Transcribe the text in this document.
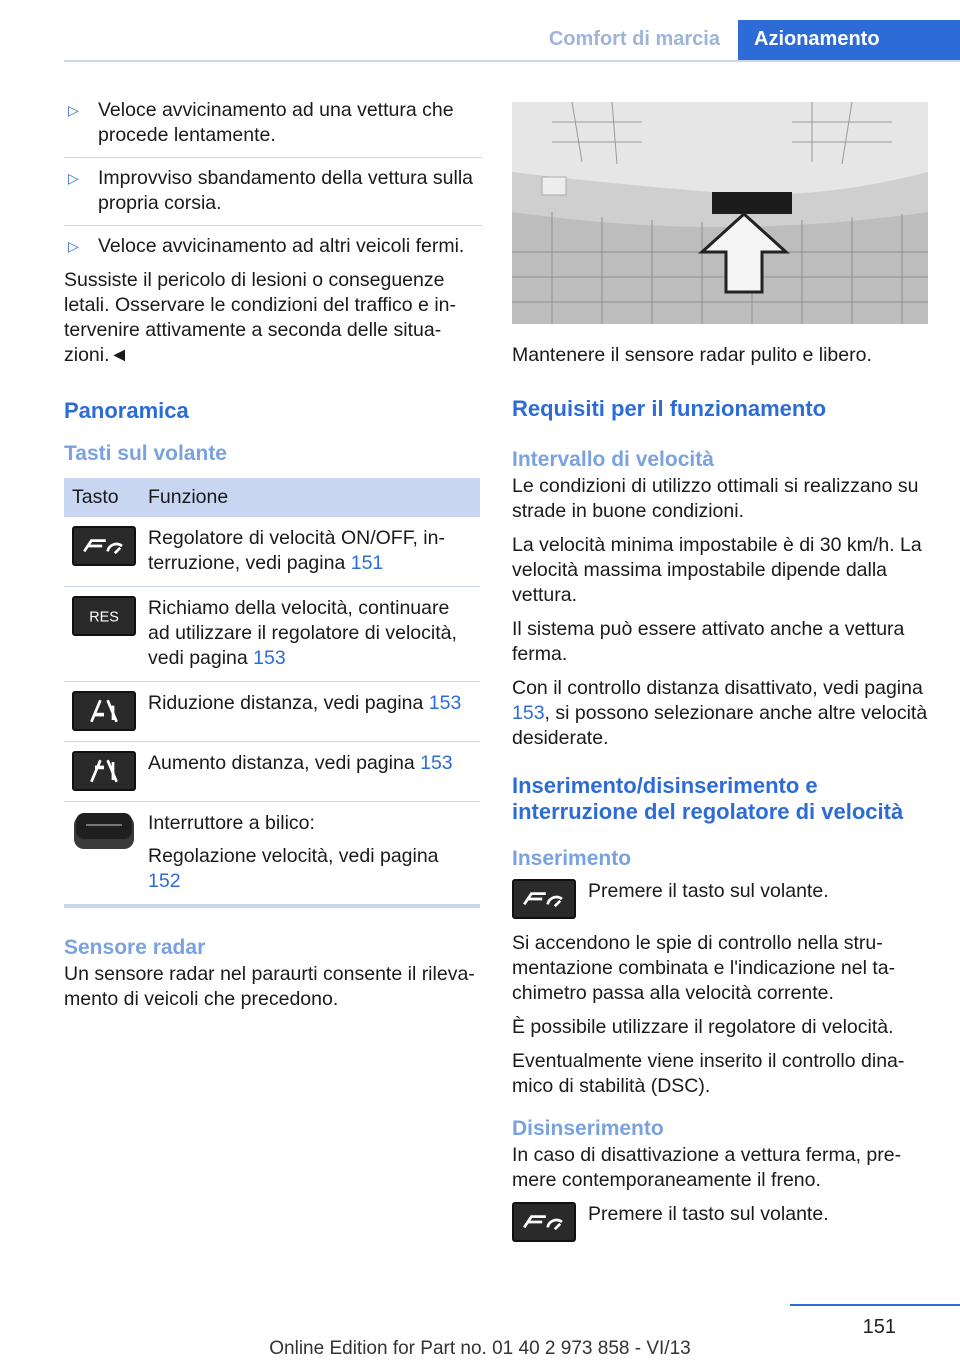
Comfort di marcia	Azionamento
▷ Veloce avvicinamento ad una vettura che procede lentamente.
▷ Improvviso sbandamento della vettura sulla propria corsia.
▷ Veloce avvicinamento ad altri veicoli fermi.

Sussiste il pericolo di lesioni o conseguenze letali. Osservare le condizioni del traffico e intervenire attivamente a seconda delle situazioni.◄

Panoramica
Tasti sul volante
Tasto	Funzione

	Regolatore di velocità ON/OFF, interruzione, vedi pagina 151

RES	Richiamo della velocità, continuare ad utilizzare il regolatore di velocità, vedi pagina 153

	Riduzione distanza, vedi pagina 153

	Aumento distanza, vedi pagina 153

Interruttore a bilico:

Regolazione velocità, vedi pagina 152

Sensore radar

Un sensore radar nel paraurti consente il rilevamento di veicoli che precedono.

Mantenere il sensore radar pulito e libero.

Requisiti per il funzionamento
Intervallo di velocità

Le condizioni di utilizzo ottimali si realizzano su strade in buone condizioni.

La velocità minima impostabile è di 30 km/h. La velocità massima impostabile dipende dalla vettura.

Il sistema può essere attivato anche a vettura ferma.

Con il controllo distanza disattivato, vedi pagina 153, si possono selezionare anche altre velocità desiderate.

Inserimento/disinserimento e interruzione del regolatore di velocità
Inserimento
Premere il tasto sul volante.

Si accendono le spie di controllo nella strumentazione combinata e l'indicazione nel tachimetro passa alla velocità corrente.

È possibile utilizzare il regolatore di velocità.

Eventualmente viene inserito il controllo dinamico di stabilità (DSC).

Disinserimento

In caso di disattivazione a vettura ferma, premere contemporaneamente il freno.

Premere il tasto sul volante.
151
Online Edition for Part no. 01 40 2 973 858 - VI/13
